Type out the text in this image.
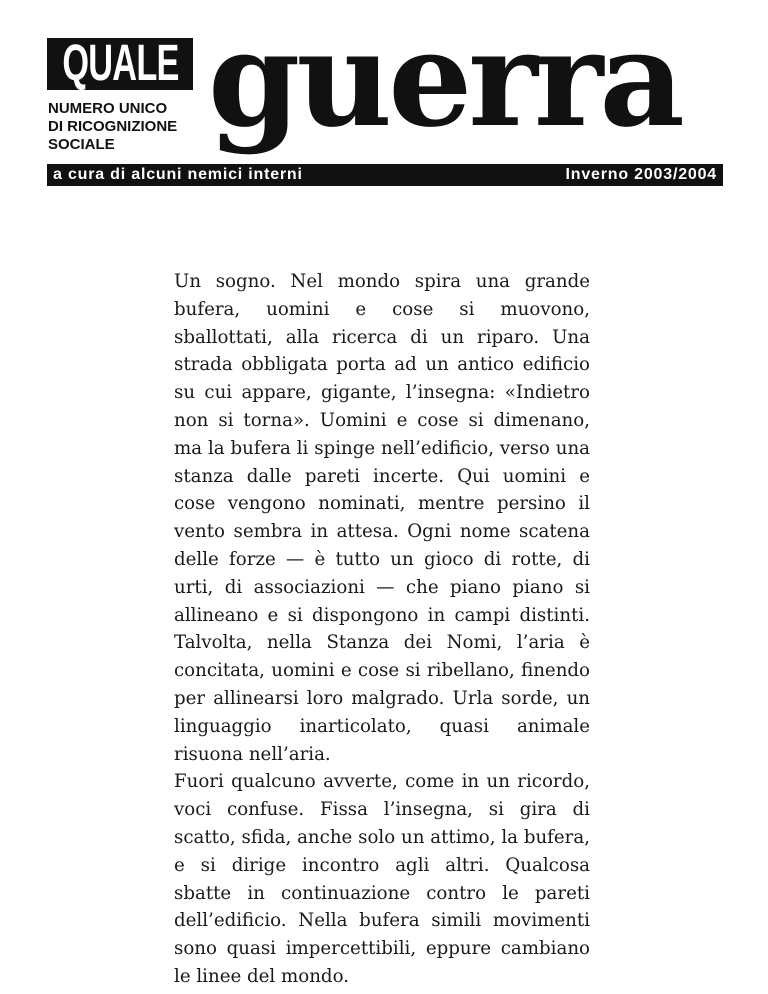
QUALE
NUMERO UNICO
DI RICOGNIZIONE
SOCIALE guerra
a cura di alcuni nemici interni	Inverno 2003/2004

Un sogno. Nel mondo spira una grande bufera, uomini e cose si muovono, sballottati, alla ricerca di un riparo. Una strada obbligata porta ad un antico edificio su cui appare, gigante, l’insegna: «Indietro non si torna». Uomini e cose si dimenano, ma la bufera li spinge nell’edificio, verso una stanza dalle pareti incerte. Qui uomini e cose vengono nominati, mentre persino il vento sembra in attesa. Ogni nome scatena delle forze — è tutto un gioco di rotte, di urti, di associazioni — che piano piano si allineano e si dispongono in campi distinti. Talvolta, nella Stanza dei Nomi, l’aria è concitata, uomini e cose si ribellano, finendo per allinearsi loro malgrado. Urla sorde, un linguaggio inarticolato, quasi animale risuona nell’aria.

Fuori qualcuno avverte, come in un ricordo, voci confuse. Fissa l’insegna, si gira di scatto, sfida, anche solo un attimo, la bufera, e si dirige incontro agli altri. Qualcosa sbatte in continuazione contro le pareti dell’edificio. Nella bufera simili movimenti sono quasi impercettibili, eppure cambiano le linee del mondo.
